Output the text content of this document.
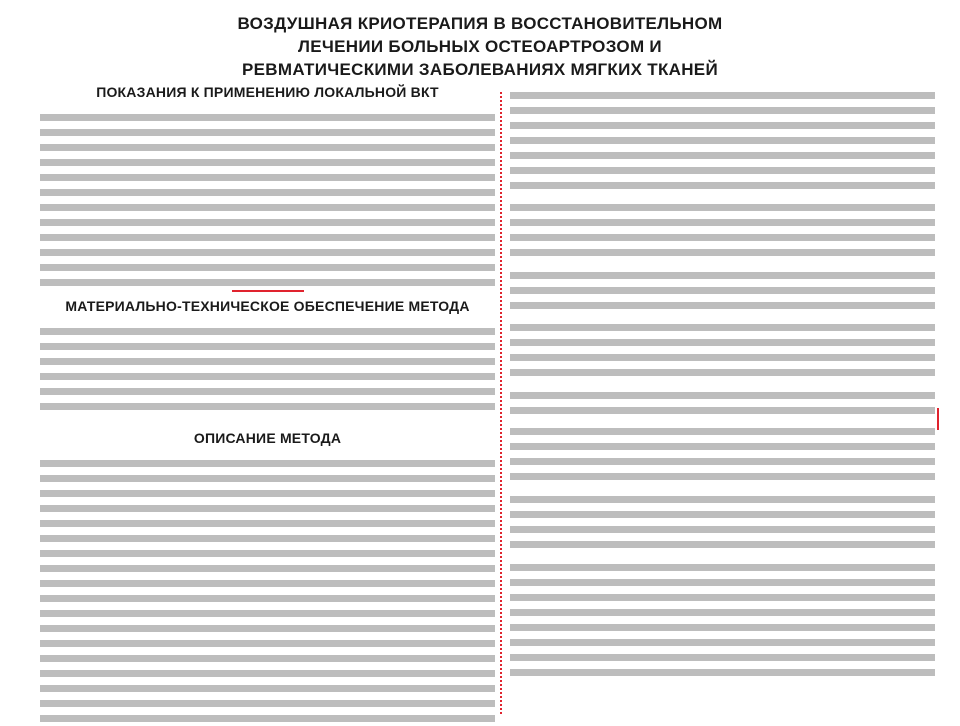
ВОЗДУШНАЯ КРИОТЕРАПИЯ В ВОССТАНОВИТЕЛЬНОМ
ЛЕЧЕНИИ БОЛЬНЫХ ОСТЕОАРТРОЗОМ И
РЕВМАТИЧЕСКИМИ ЗАБОЛЕВАНИЯХ МЯГКИХ ТКАНЕЙ
ПОКАЗАНИЯ К ПРИМЕНЕНИЮ ЛОКАЛЬНОЙ ВКТ
МАТЕРИАЛЬНО-ТЕХНИЧЕСКОЕ ОБЕСПЕЧЕНИЕ МЕТОДА
ОПИСАНИЕ МЕТОДА
